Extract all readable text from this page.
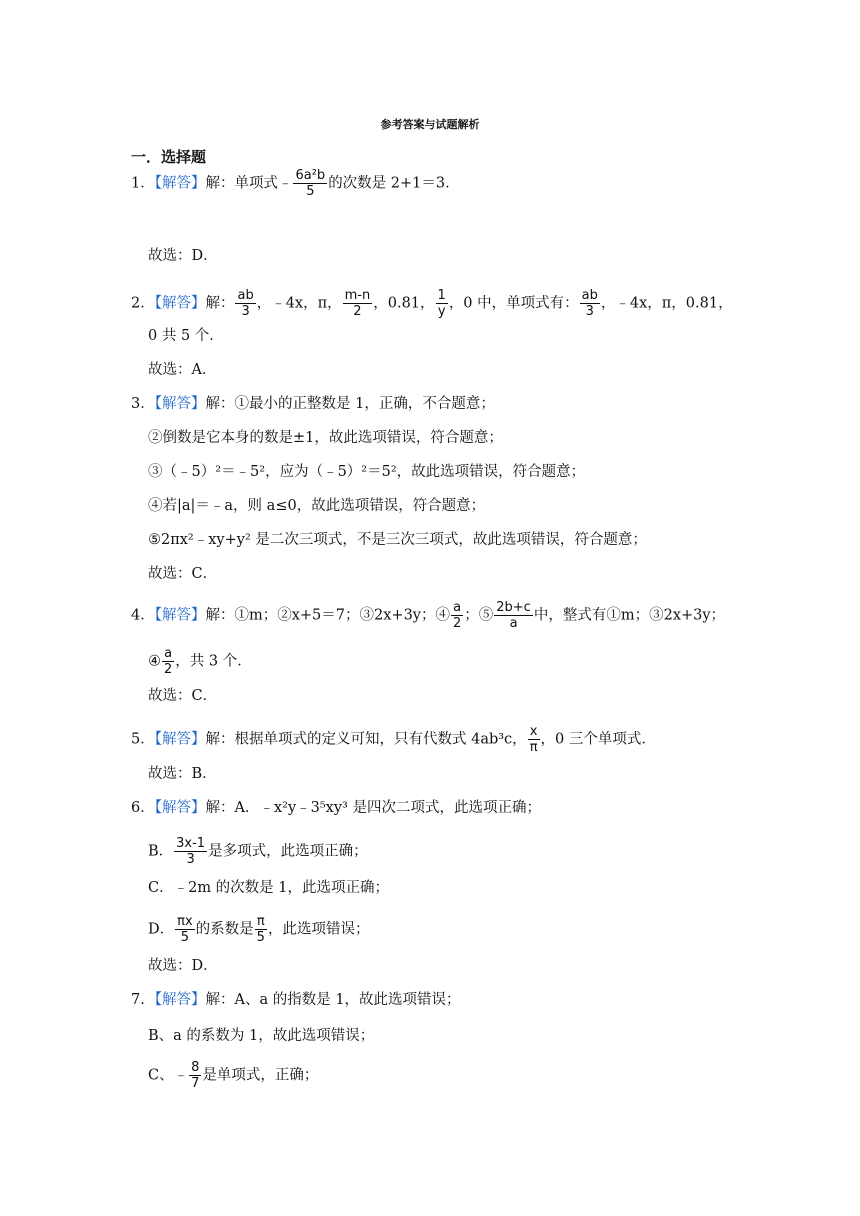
参考答案与试题解析
一．选择题
1．【解答】解：单项式﹣ $\frac{\text{6a²b}}{5}$ 的次数是 2+1＝3．
故选：D．
2．【解答】解： $\frac{ab}{3}$ ，﹣4x，π， $\frac{m-n}{2}$ ，0.81， $\frac{1}{y}$ ，0 中，单项式有： $\frac{ab}{3}$ ，﹣4x，π，0.81，
0 共 5 个．
故选：A．
3．【解答】解：①最小的正整数是 1，正确，不合题意；
②倒数是它本身的数是±1，故此选项错误，符合题意；
③（﹣5）²＝﹣5²，应为（﹣5）²＝5²，故此选项错误，符合题意；
④若|a|＝﹣a，则 a≤0，故此选项错误，符合题意；
⑤2πx²﹣xy+y² 是二次三项式，不是三次三项式，故此选项错误，符合题意；
故选：C．
4．【解答】解：①m；②x+5＝7；③2x+3y；④ $\frac{a}{2}$ ；⑤ $\frac{2b+c}{a}$ 中，整式有①m；③2x+3y；
④ $\frac{a}{2}$ ，共 3 个．
故选：C．
5．【解答】解：根据单项式的定义可知，只有代数式 4ab³c， $\frac{x}{\pi}$ ，0 三个单项式．
故选：B．
6．【解答】解：A．﹣x²y﹣3⁵xy³ 是四次二项式，此选项正确；
B． $\frac{3x-1}{3}$ 是多项式，此选项正确；
C．﹣2m 的次数是 1，此选项正确；
D． $\frac{\pi x}{5}$ 的系数是 $\frac{\pi}{5}$ ，此选项错误；
故选：D．
7．【解答】解：A、a 的指数是 1，故此选项错误；
B、a 的系数为 1，故此选项错误；
C、﹣ $\frac{8}{7}$ 是单项式，正确；
